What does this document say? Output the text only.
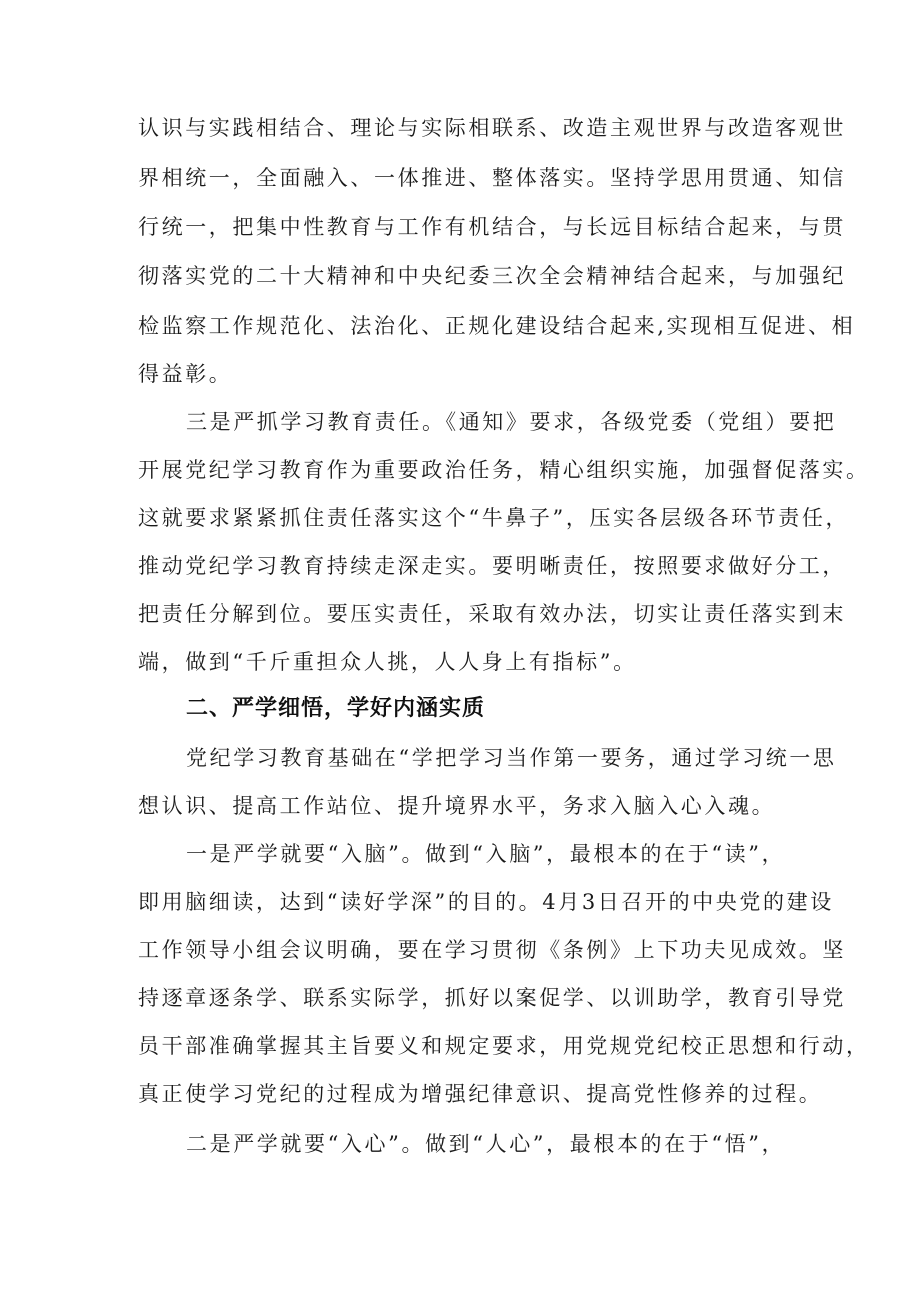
认识与实践相结合、理论与实际相联系、改造主观世界与改造客观世
界相统一，全面融入、一体推进、整体落实。坚持学思用贯通、知信
行统一，把集中性教育与工作有机结合，与长远目标结合起来，与贯
彻落实党的二十大精神和中央纪委三次全会精神结合起来，与加强纪
检监察工作规范化、法治化、正规化建设结合起来,实现相互促进、相
得益彰。
三是严抓学习教育责任。《通知》要求，各级党委（党组）要把
开展党纪学习教育作为重要政治任务，精心组织实施，加强督促落实。
这就要求紧紧抓住责任落实这个“牛鼻子”，压实各层级各环节责任，
推动党纪学习教育持续走深走实。要明晰责任，按照要求做好分工，
把责任分解到位。要压实责任，采取有效办法，切实让责任落实到末
端，做到“千斤重担众人挑，人人身上有指标”。
二、严学细悟，学好内涵实质
党纪学习教育基础在“学把学习当作第一要务，通过学习统一思
想认识、提高工作站位、提升境界水平，务求入脑入心入魂。
一是严学就要“入脑”。做到“入脑”，最根本的在于“读”，
即用脑细读，达到“读好学深”的目的。4月3日召开的中央党的建设
工作领导小组会议明确，要在学习贯彻《条例》上下功夫见成效。坚
持逐章逐条学、联系实际学，抓好以案促学、以训助学，教育引导党
员干部准确掌握其主旨要义和规定要求，用党规党纪校正思想和行动，
真正使学习党纪的过程成为增强纪律意识、提高党性修养的过程。
二是严学就要“入心”。做到“人心”，最根本的在于“悟”，
